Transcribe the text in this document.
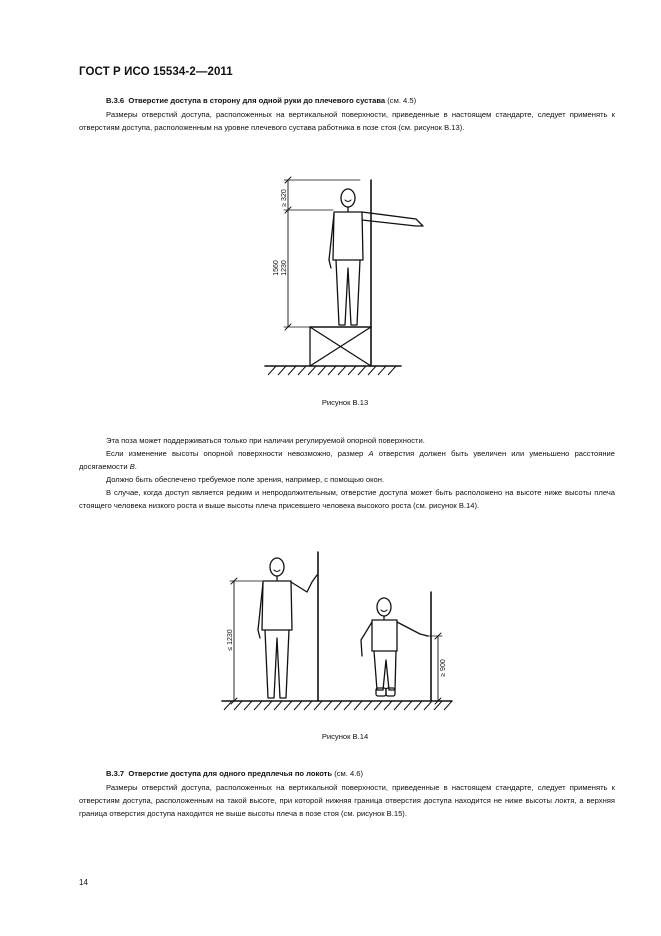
ГОСТ Р ИСО 15534-2—2011
В.3.6 Отверстие доступа в сторону для одной руки до плечевого сустава (см. 4.5)

Размеры отверстий доступа, расположенных на вертикальной поверхности, приведенные в настоящем стандарте, следует применять к отверстиям доступа, расположенным на уровне плечевого сустава работника в позе стоя (см. рисунок В.13).

≥ 320
1560 1230
Рисунок В.13

Эта поза может поддерживаться только при наличии регулируемой опорной поверхности.

Если изменение высоты опорной поверхности невозможно, размер А отверстия должен быть увеличен или уменьшено расстояние досягаемости В.

Должно быть обеспечено требуемое поле зрения, например, с помощью окон.

В случае, когда доступ является редким и непродолжительным, отверстие доступа может быть расположено на высоте ниже высоты плеча стоящего человека низкого роста и выше высоты плеча присевшего человека высокого роста (см. рисунок В.14).

≤ 1230
≥ 900
Рисунок В.14
В.3.7 Отверстие доступа для одного предплечья по локоть (см. 4.6)

Размеры отверстий доступа, расположенных на вертикальной поверхности, приведенные в настоящем стандарте, следует применять к отверстиям доступа, расположенным на такой высоте, при которой нижняя граница отверстия доступа находится не ниже высоты локтя, а верхняя граница отверстия доступа находится не выше высоты плеча в позе стоя (см. рисунок В.15).

14
